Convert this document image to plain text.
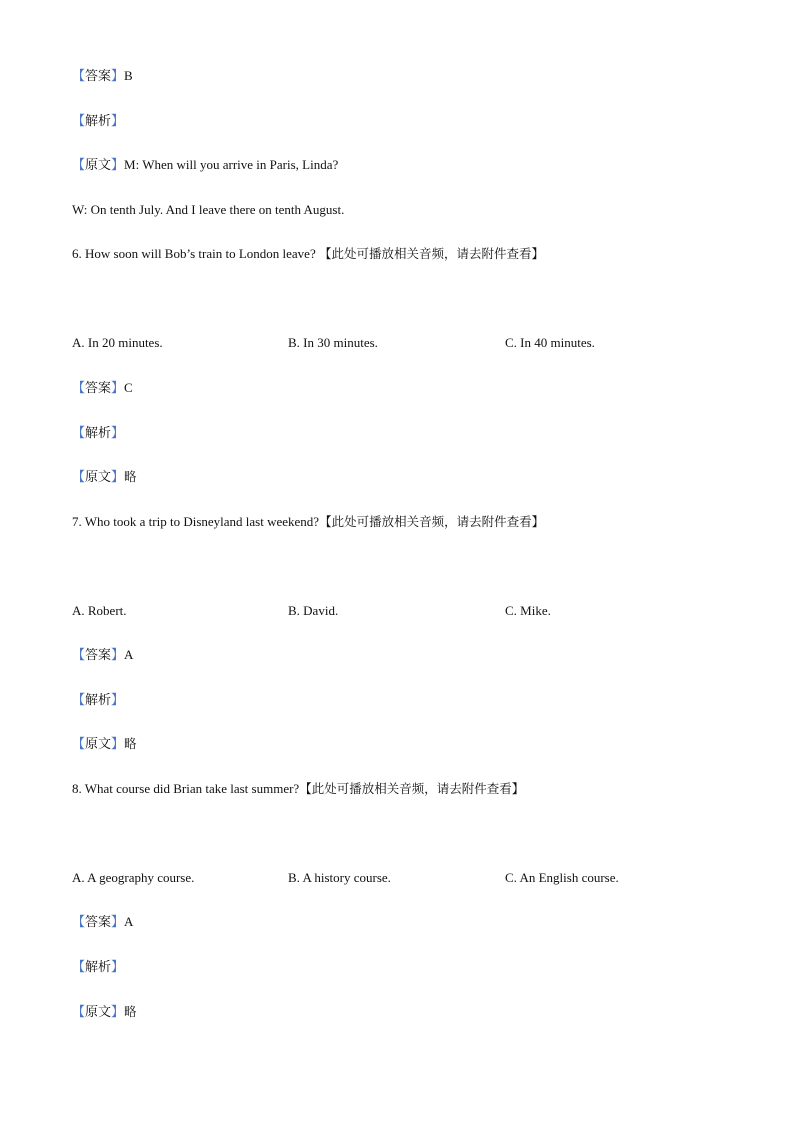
【答案】B
【解析】
【原文】M: When will you arrive in Paris, Linda?
W: On tenth July. And I leave there on tenth August.
6. How soon will Bob’s train to London leave? 【此处可播放相关音频，请去附件查看】
A. In 20 minutes.	B. In 30 minutes.	C. In 40 minutes.
【答案】C
【解析】
【原文】略
7. Who took a trip to Disneyland last weekend?【此处可播放相关音频，请去附件查看】
A. Robert.	B. David.	C. Mike.
【答案】A
【解析】
【原文】略
8. What course did Brian take last summer?【此处可播放相关音频，请去附件查看】
A. A geography course.	B. A history course.	C. An English course.
【答案】A
【解析】
【原文】略
